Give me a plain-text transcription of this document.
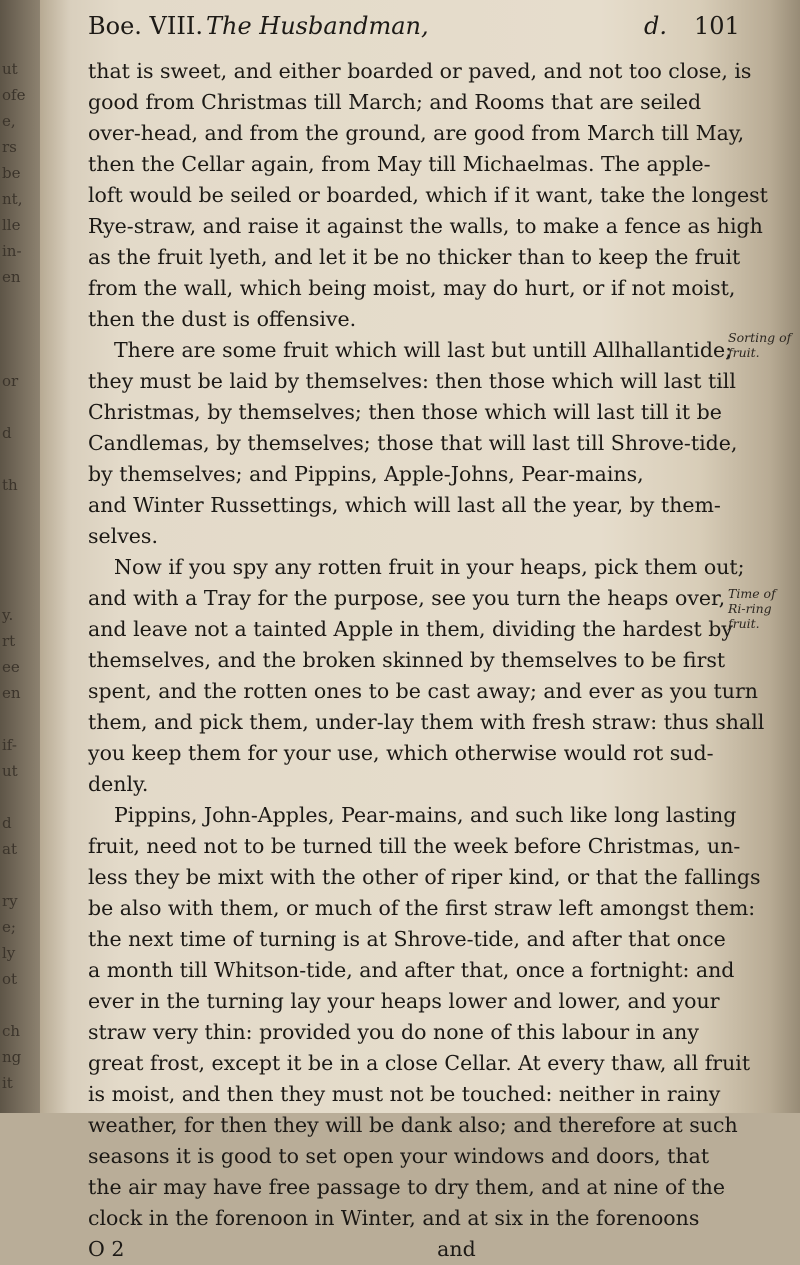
ut
ofe
e,
rs
be
nt,
lle
in-
en
or
d
th
y.
rt
ee
en
if-
ut
d
at
ry
e;
ly
ot
ch
ng
it
Boe. VIII. The Husbandman,	d. 101
that is sweet, and either boarded or paved, and not too close, is
good from Christmas till March; and Rooms that are seiled
over-head, and from the ground, are good from March till May,
then the Cellar again, from May till Michaelmas. The apple-
loft would be seiled or boarded, which if it want, take the longest
Rye-straw, and raise it against the walls, to make a fence as high
as the fruit lyeth, and let it be no thicker than to keep the fruit
from the wall, which being moist, may do hurt, or if not moist,
then the dust is offensive.
There are some fruit which will last but untill Allhallantide;
they must be laid by themselves: then those which will last till
Christmas, by themselves; then those which will last till it be
Candlemas, by themselves; those that will last till Shrove-tide,
by themselves; and Pippins, Apple-Johns, Pear-mains,
and Winter Russettings, which will last all the year, by them-
selves.
Now if you spy any rotten fruit in your heaps, pick them out;
and with a Tray for the purpose, see you turn the heaps over,
and leave not a tainted Apple in them, dividing the hardest by
themselves, and the broken skinned by themselves to be first
spent, and the rotten ones to be cast away; and ever as you turn
them, and pick them, under-lay them with fresh straw: thus shall
you keep them for your use, which otherwise would rot sud-
denly.
Pippins, John-Apples, Pear-mains, and such like long lasting
fruit, need not to be turned till the week before Christmas, un-
less they be mixt with the other of riper kind, or that the fallings
be also with them, or much of the first straw left amongst them:
the next time of turning is at Shrove-tide, and after that once
a month till Whitson-tide, and after that, once a fortnight: and
ever in the turning lay your heaps lower and lower, and your
straw very thin: provided you do none of this labour in any
great frost, except it be in a close Cellar. At every thaw, all fruit
is moist, and then they must not be touched: neither in rainy
weather, for then they will be dank also; and therefore at such
seasons it is good to set open your windows and doors, that
the air may have free passage to dry them, and at nine of the
clock in the forenoon in Winter, and at six in the forenoons
O 2                                                and
Sorting of fruit.
Time of Ri-ring fruit.
